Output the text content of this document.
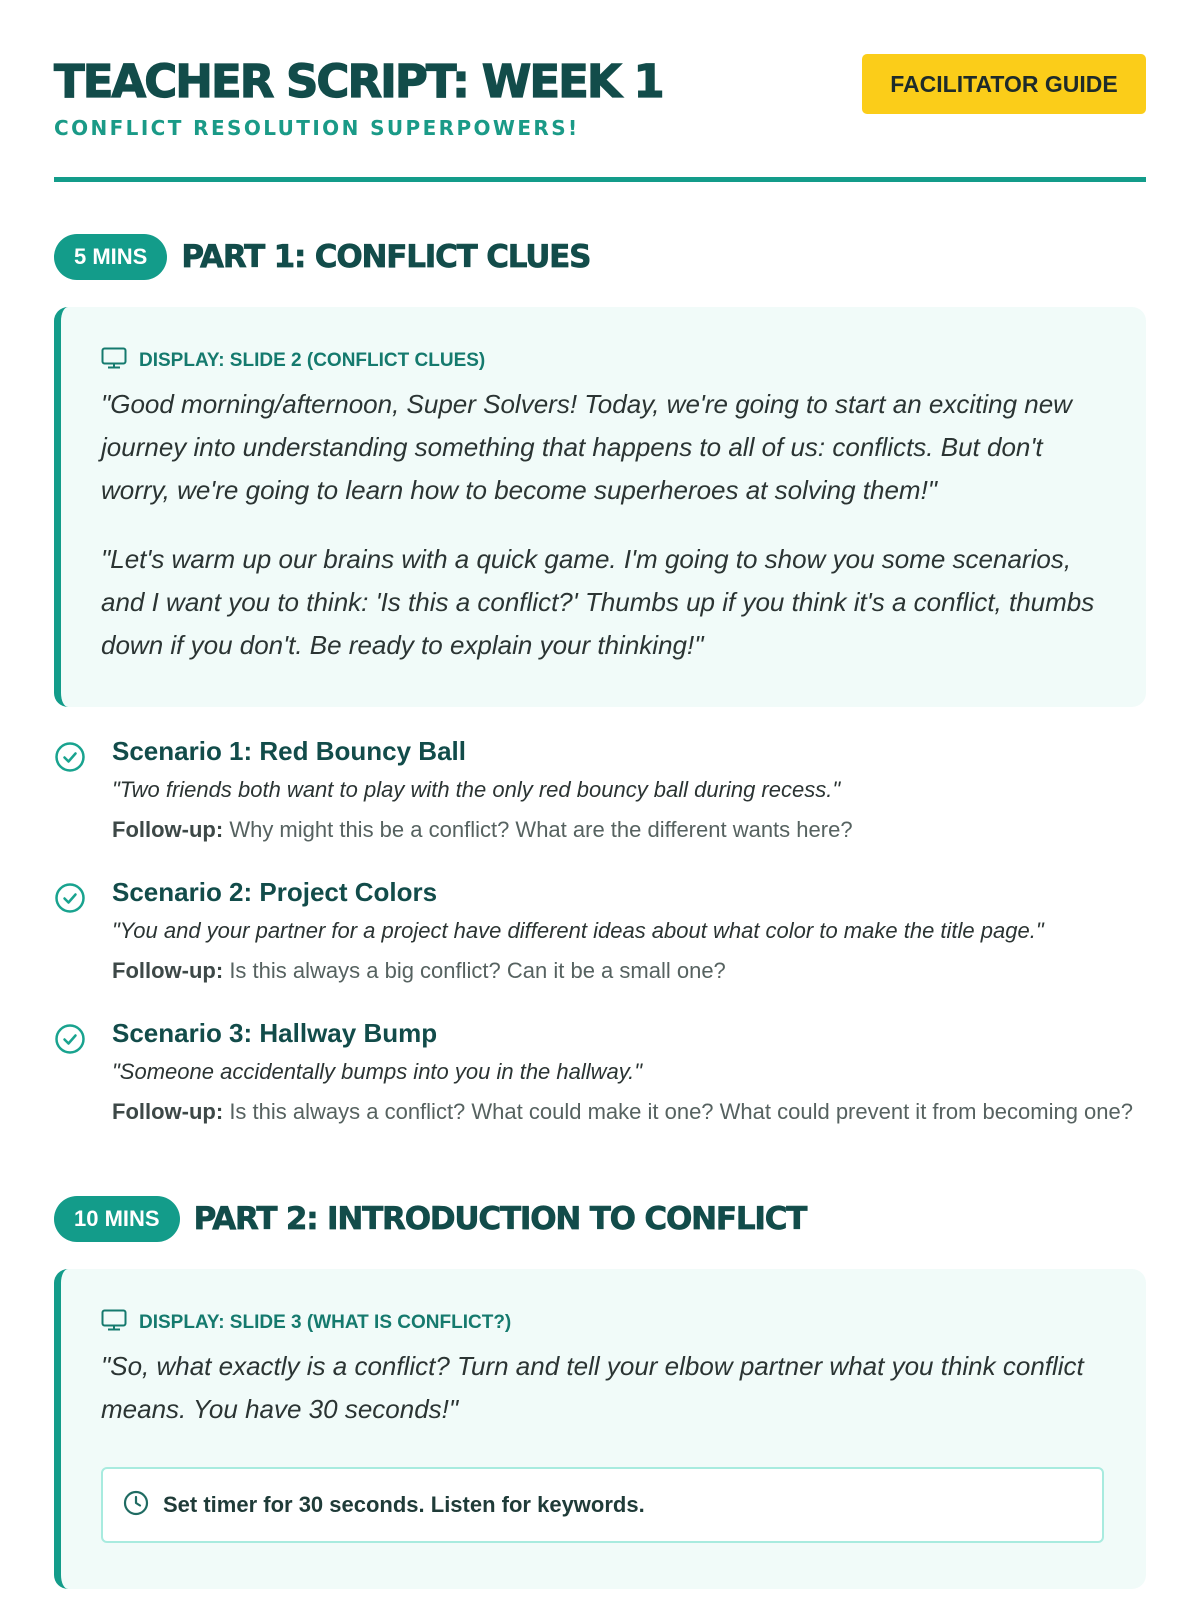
TEACHER SCRIPT: WEEK 1
CONFLICT RESOLUTION SUPERPOWERS!
FACILITATOR GUIDE
5 MINS	PART 1: CONFLICT CLUES
DISPLAY: SLIDE 2 (CONFLICT CLUES)

"Good morning/afternoon, Super Solvers! Today, we're going to start an exciting new journey into understanding something that happens to all of us: conflicts. But don't worry, we're going to learn how to become superheroes at solving them!"

"Let's warm up our brains with a quick game. I'm going to show you some scenarios, and I want you to think: 'Is this a conflict?' Thumbs up if you think it's a conflict, thumbs down if you don't. Be ready to explain your thinking!"

Scenario 1: Red Bouncy Ball
"Two friends both want to play with the only red bouncy ball during recess."
Follow-up: Why might this be a conflict? What are the different wants here?
Scenario 2: Project Colors
"You and your partner for a project have different ideas about what color to make the title page."
Follow-up: Is this always a big conflict? Can it be a small one?
Scenario 3: Hallway Bump
"Someone accidentally bumps into you in the hallway."
Follow-up: Is this always a conflict? What could make it one? What could prevent it from becoming one?
10 MINS	PART 2: INTRODUCTION TO CONFLICT
DISPLAY: SLIDE 3 (WHAT IS CONFLICT?)

"So, what exactly is a conflict? Turn and tell your elbow partner what you think conflict means. You have 30 seconds!"

Set timer for 30 seconds. Listen for keywords.
